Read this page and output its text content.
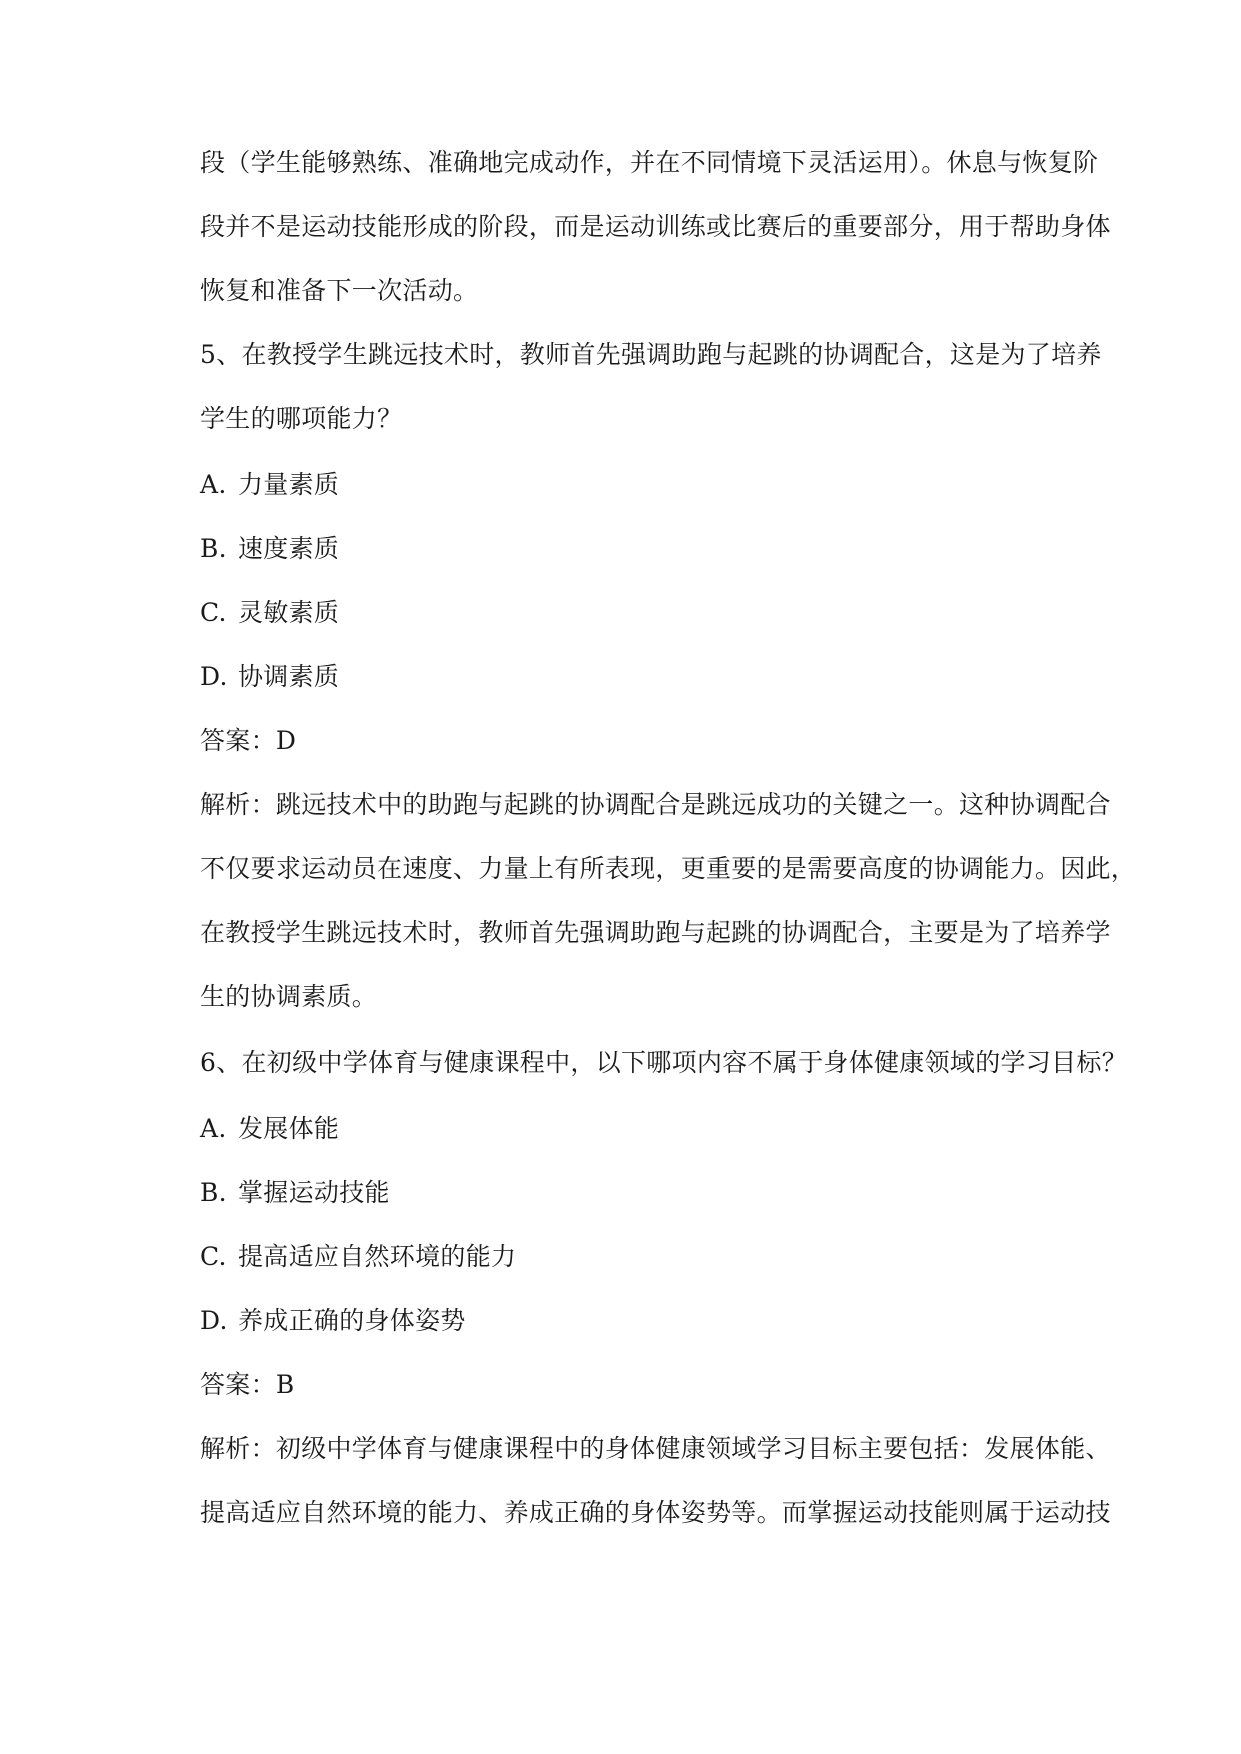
段（学生能够熟练、准确地完成动作，并在不同情境下灵活运用）。休息与恢复阶
段并不是运动技能形成的阶段，而是运动训练或比赛后的重要部分，用于帮助身体
恢复和准备下一次活动。
5、在教授学生跳远技术时，教师首先强调助跑与起跳的协调配合，这是为了培养
学生的哪项能力？
A. 力量素质
B. 速度素质
C. 灵敏素质
D. 协调素质
答案：D
解析：跳远技术中的助跑与起跳的协调配合是跳远成功的关键之一。这种协调配合
不仅要求运动员在速度、力量上有所表现，更重要的是需要高度的协调能力。因此，
在教授学生跳远技术时，教师首先强调助跑与起跳的协调配合，主要是为了培养学
生的协调素质。
6、在初级中学体育与健康课程中，以下哪项内容不属于身体健康领域的学习目标？
A. 发展体能
B. 掌握运动技能
C. 提高适应自然环境的能力
D. 养成正确的身体姿势
答案：B
解析：初级中学体育与健康课程中的身体健康领域学习目标主要包括：发展体能、
提高适应自然环境的能力、养成正确的身体姿势等。而掌握运动技能则属于运动技
